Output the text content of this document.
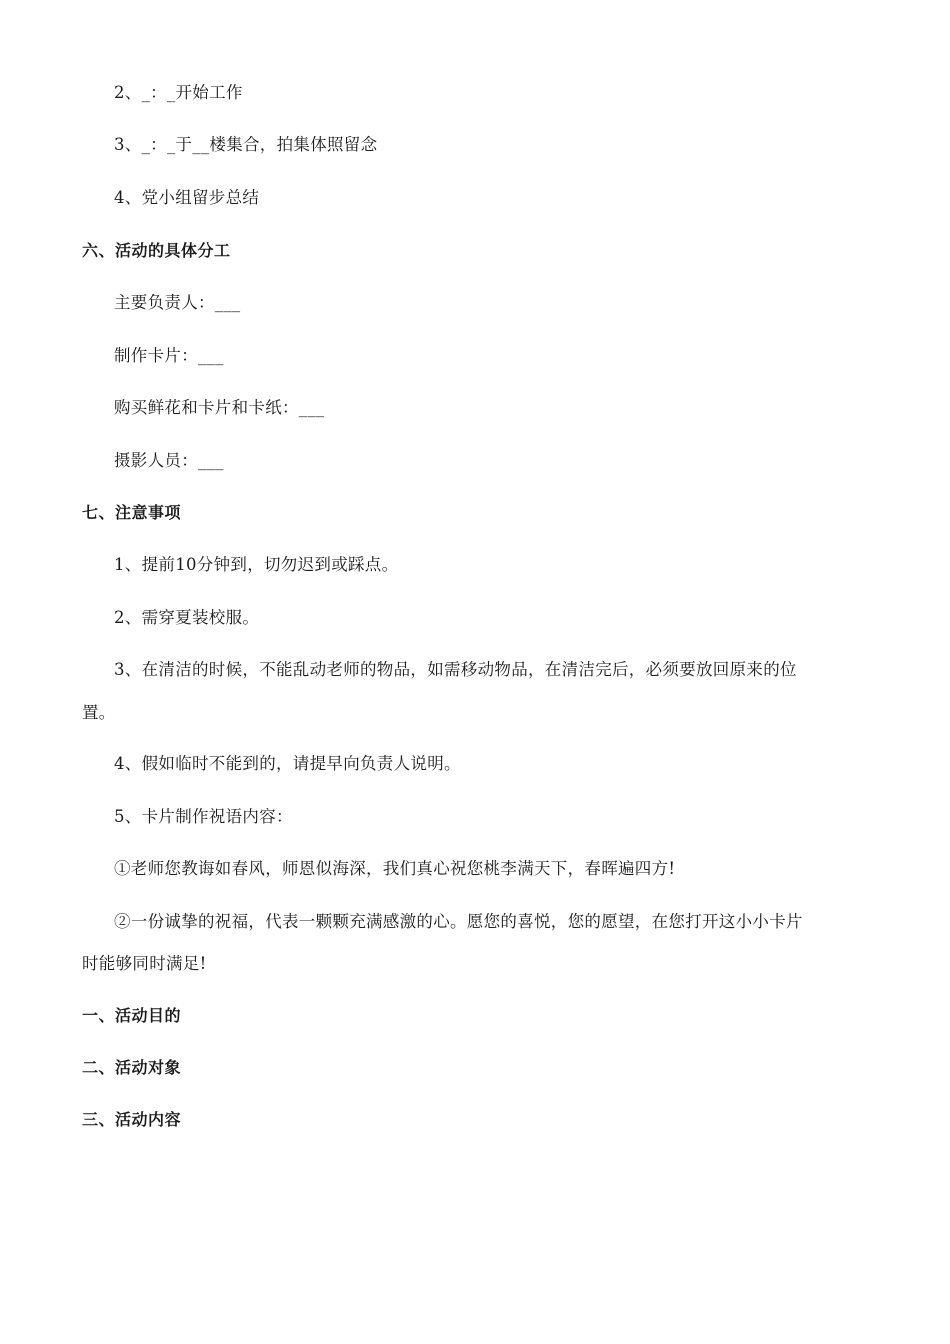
2、_：_开始工作
3、_：_于__楼集合，拍集体照留念
4、党小组留步总结
六、活动的具体分工
主要负责人：___
制作卡片：___
购买鲜花和卡片和卡纸：___
摄影人员：___
七、注意事项
1、提前10分钟到，切勿迟到或踩点。
2、需穿夏装校服。
3、在清洁的时候，不能乱动老师的物品，如需移动物品，在清洁完后，必须要放回原来的位
置。
4、假如临时不能到的，请提早向负责人说明。
5、卡片制作祝语内容：
①老师您教诲如春风，师恩似海深，我们真心祝您桃李满天下，春晖遍四方!
②一份诚挚的祝福，代表一颗颗充满感激的心。愿您的喜悦，您的愿望，在您打开这小小卡片
时能够同时满足!
一、活动目的
二、活动对象
三、活动内容
